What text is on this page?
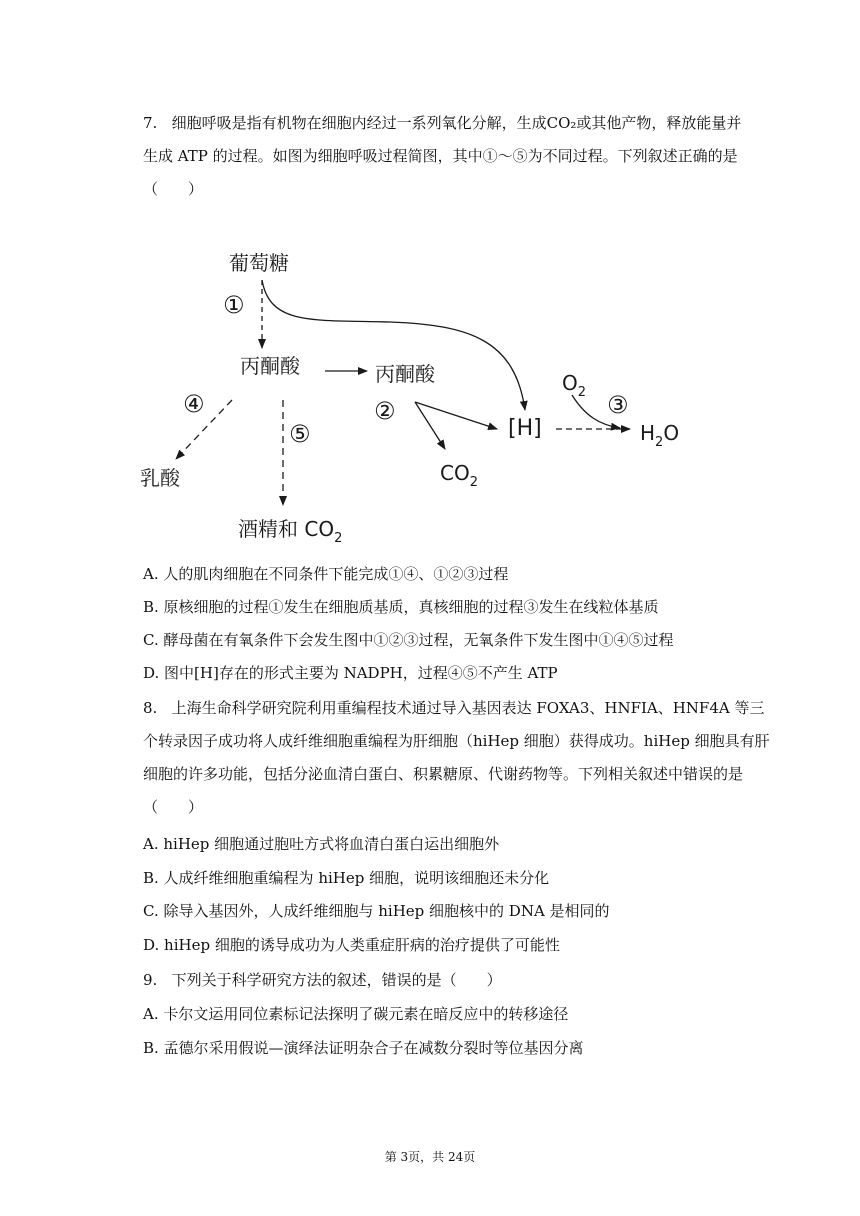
7. 细胞呼吸是指有机物在细胞内经过一系列氧化分解，生成CO₂或其他产物，释放能量并
生成 ATP 的过程。如图为细胞呼吸过程简图，其中①～⑤为不同过程。下列叙述正确的是
（　　）
葡萄糖
丙酮酸	丙酮酸
[H]
乳酸
酒精和 $CO_2$
$CO_2$
$O_2$
$H_2O$
①
②	③
④
⑤
A. 人的肌肉细胞在不同条件下能完成①④、①②③过程
B. 原核细胞的过程①发生在细胞质基质，真核细胞的过程③发生在线粒体基质
C. 酵母菌在有氧条件下会发生图中①②③过程，无氧条件下发生图中①④⑤过程
D. 图中[H]存在的形式主要为 NADPH，过程④⑤不产生 ATP
8. 上海生命科学研究院利用重编程技术通过导入基因表达 FOXA3、HNFIA、HNF4A 等三
个转录因子成功将人成纤维细胞重编程为肝细胞（hiHep 细胞）获得成功。hiHep 细胞具有肝
细胞的许多功能，包括分泌血清白蛋白、积累糖原、代谢药物等。下列相关叙述中错误的是
（　　）
A. hiHep 细胞通过胞吐方式将血清白蛋白运出细胞外
B. 人成纤维细胞重编程为 hiHep 细胞，说明该细胞还未分化
C. 除导入基因外，人成纤维细胞与 hiHep 细胞核中的 DNA 是相同的
D. hiHep 细胞的诱导成功为人类重症肝病的治疗提供了可能性
9. 下列关于科学研究方法的叙述，错误的是（　　）
A. 卡尔文运用同位素标记法探明了碳元素在暗反应中的转移途径
B. 孟德尔采用假说—演绎法证明杂合子在减数分裂时等位基因分离
第 3页，共 24页
